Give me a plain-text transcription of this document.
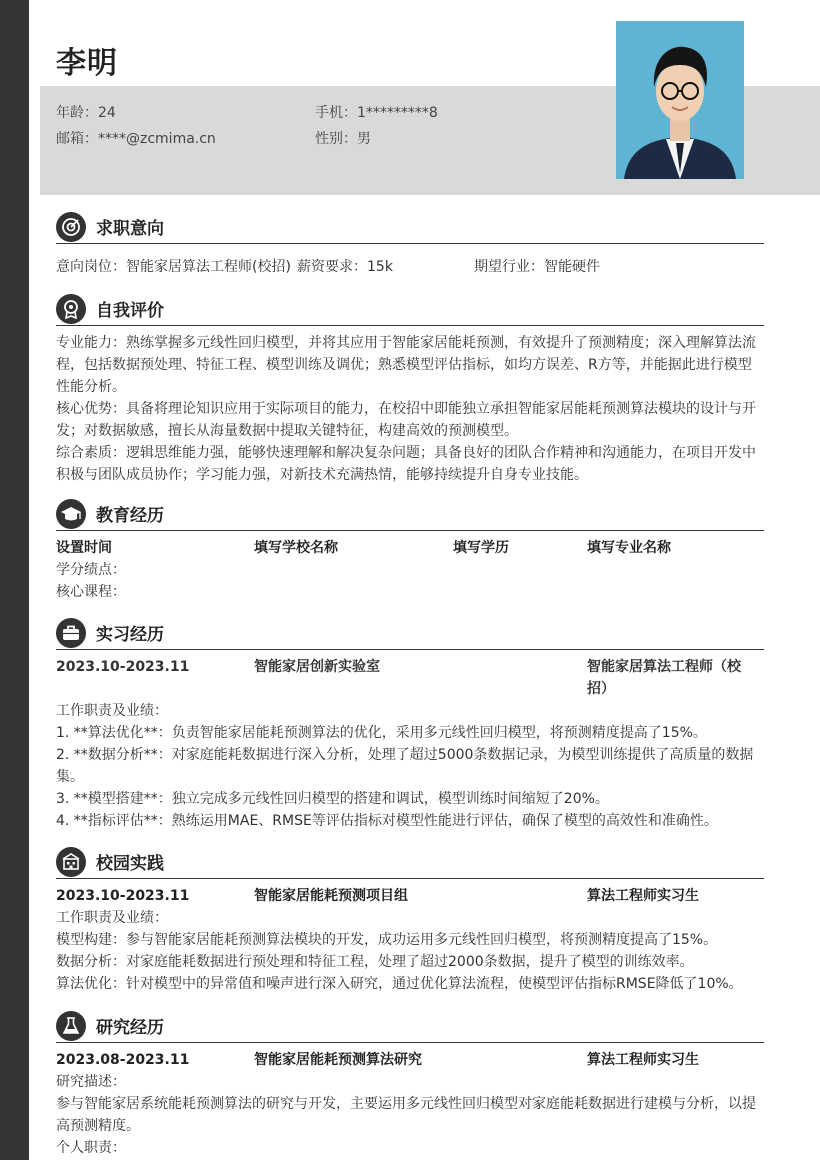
李明
年龄：24	手机：1*********8
邮箱：****@zcmima.cn	性别：男
求职意向
意向岗位：智能家居算法工程师(校招) 薪资要求：15k	期望行业：智能硬件
自我评价
专业能力：熟练掌握多元线性回归模型，并将其应用于智能家居能耗预测，有效提升了预测精度；深入理解算法流程，包括数据预处理、特征工程、模型训练及调优；熟悉模型评估指标，如均方误差、R方等，并能据此进行模型性能分析。
核心优势：具备将理论知识应用于实际项目的能力，在校招中即能独立承担智能家居能耗预测算法模块的设计与开发；对数据敏感，擅长从海量数据中提取关键特征，构建高效的预测模型。
综合素质：逻辑思维能力强，能够快速理解和解决复杂问题；具备良好的团队合作精神和沟通能力，在项目开发中积极与团队成员协作；学习能力强，对新技术充满热情，能够持续提升自身专业技能。
教育经历
设置时间	填写学校名称	填写学历	填写专业名称
学分绩点：
核心课程：
实习经历
2023.10-2023.11	智能家居创新实验室	智能家居算法工程师（校招）
工作职责及业绩：
1. **算法优化**：负责智能家居能耗预测算法的优化，采用多元线性回归模型，将预测精度提高了15%。
2. **数据分析**：对家庭能耗数据进行深入分析，处理了超过5000条数据记录，为模型训练提供了高质量的数据集。
3. **模型搭建**：独立完成多元线性回归模型的搭建和调试，模型训练时间缩短了20%。
4. **指标评估**：熟练运用MAE、RMSE等评估指标对模型性能进行评估，确保了模型的高效性和准确性。
校园实践
2023.10-2023.11	智能家居能耗预测项目组	算法工程师实习生
工作职责及业绩：
模型构建：参与智能家居能耗预测算法模块的开发，成功运用多元线性回归模型，将预测精度提高了15%。
数据分析：对家庭能耗数据进行预处理和特征工程，处理了超过2000条数据，提升了模型的训练效率。
算法优化：针对模型中的异常值和噪声进行深入研究，通过优化算法流程，使模型评估指标RMSE降低了10%。
研究经历
2023.08-2023.11	智能家居能耗预测算法研究	算法工程师实习生
研究描述：
参与智能家居系统能耗预测算法的研究与开发，主要运用多元线性回归模型对家庭能耗数据进行建模与分析，以提高预测精度。
个人职责：
